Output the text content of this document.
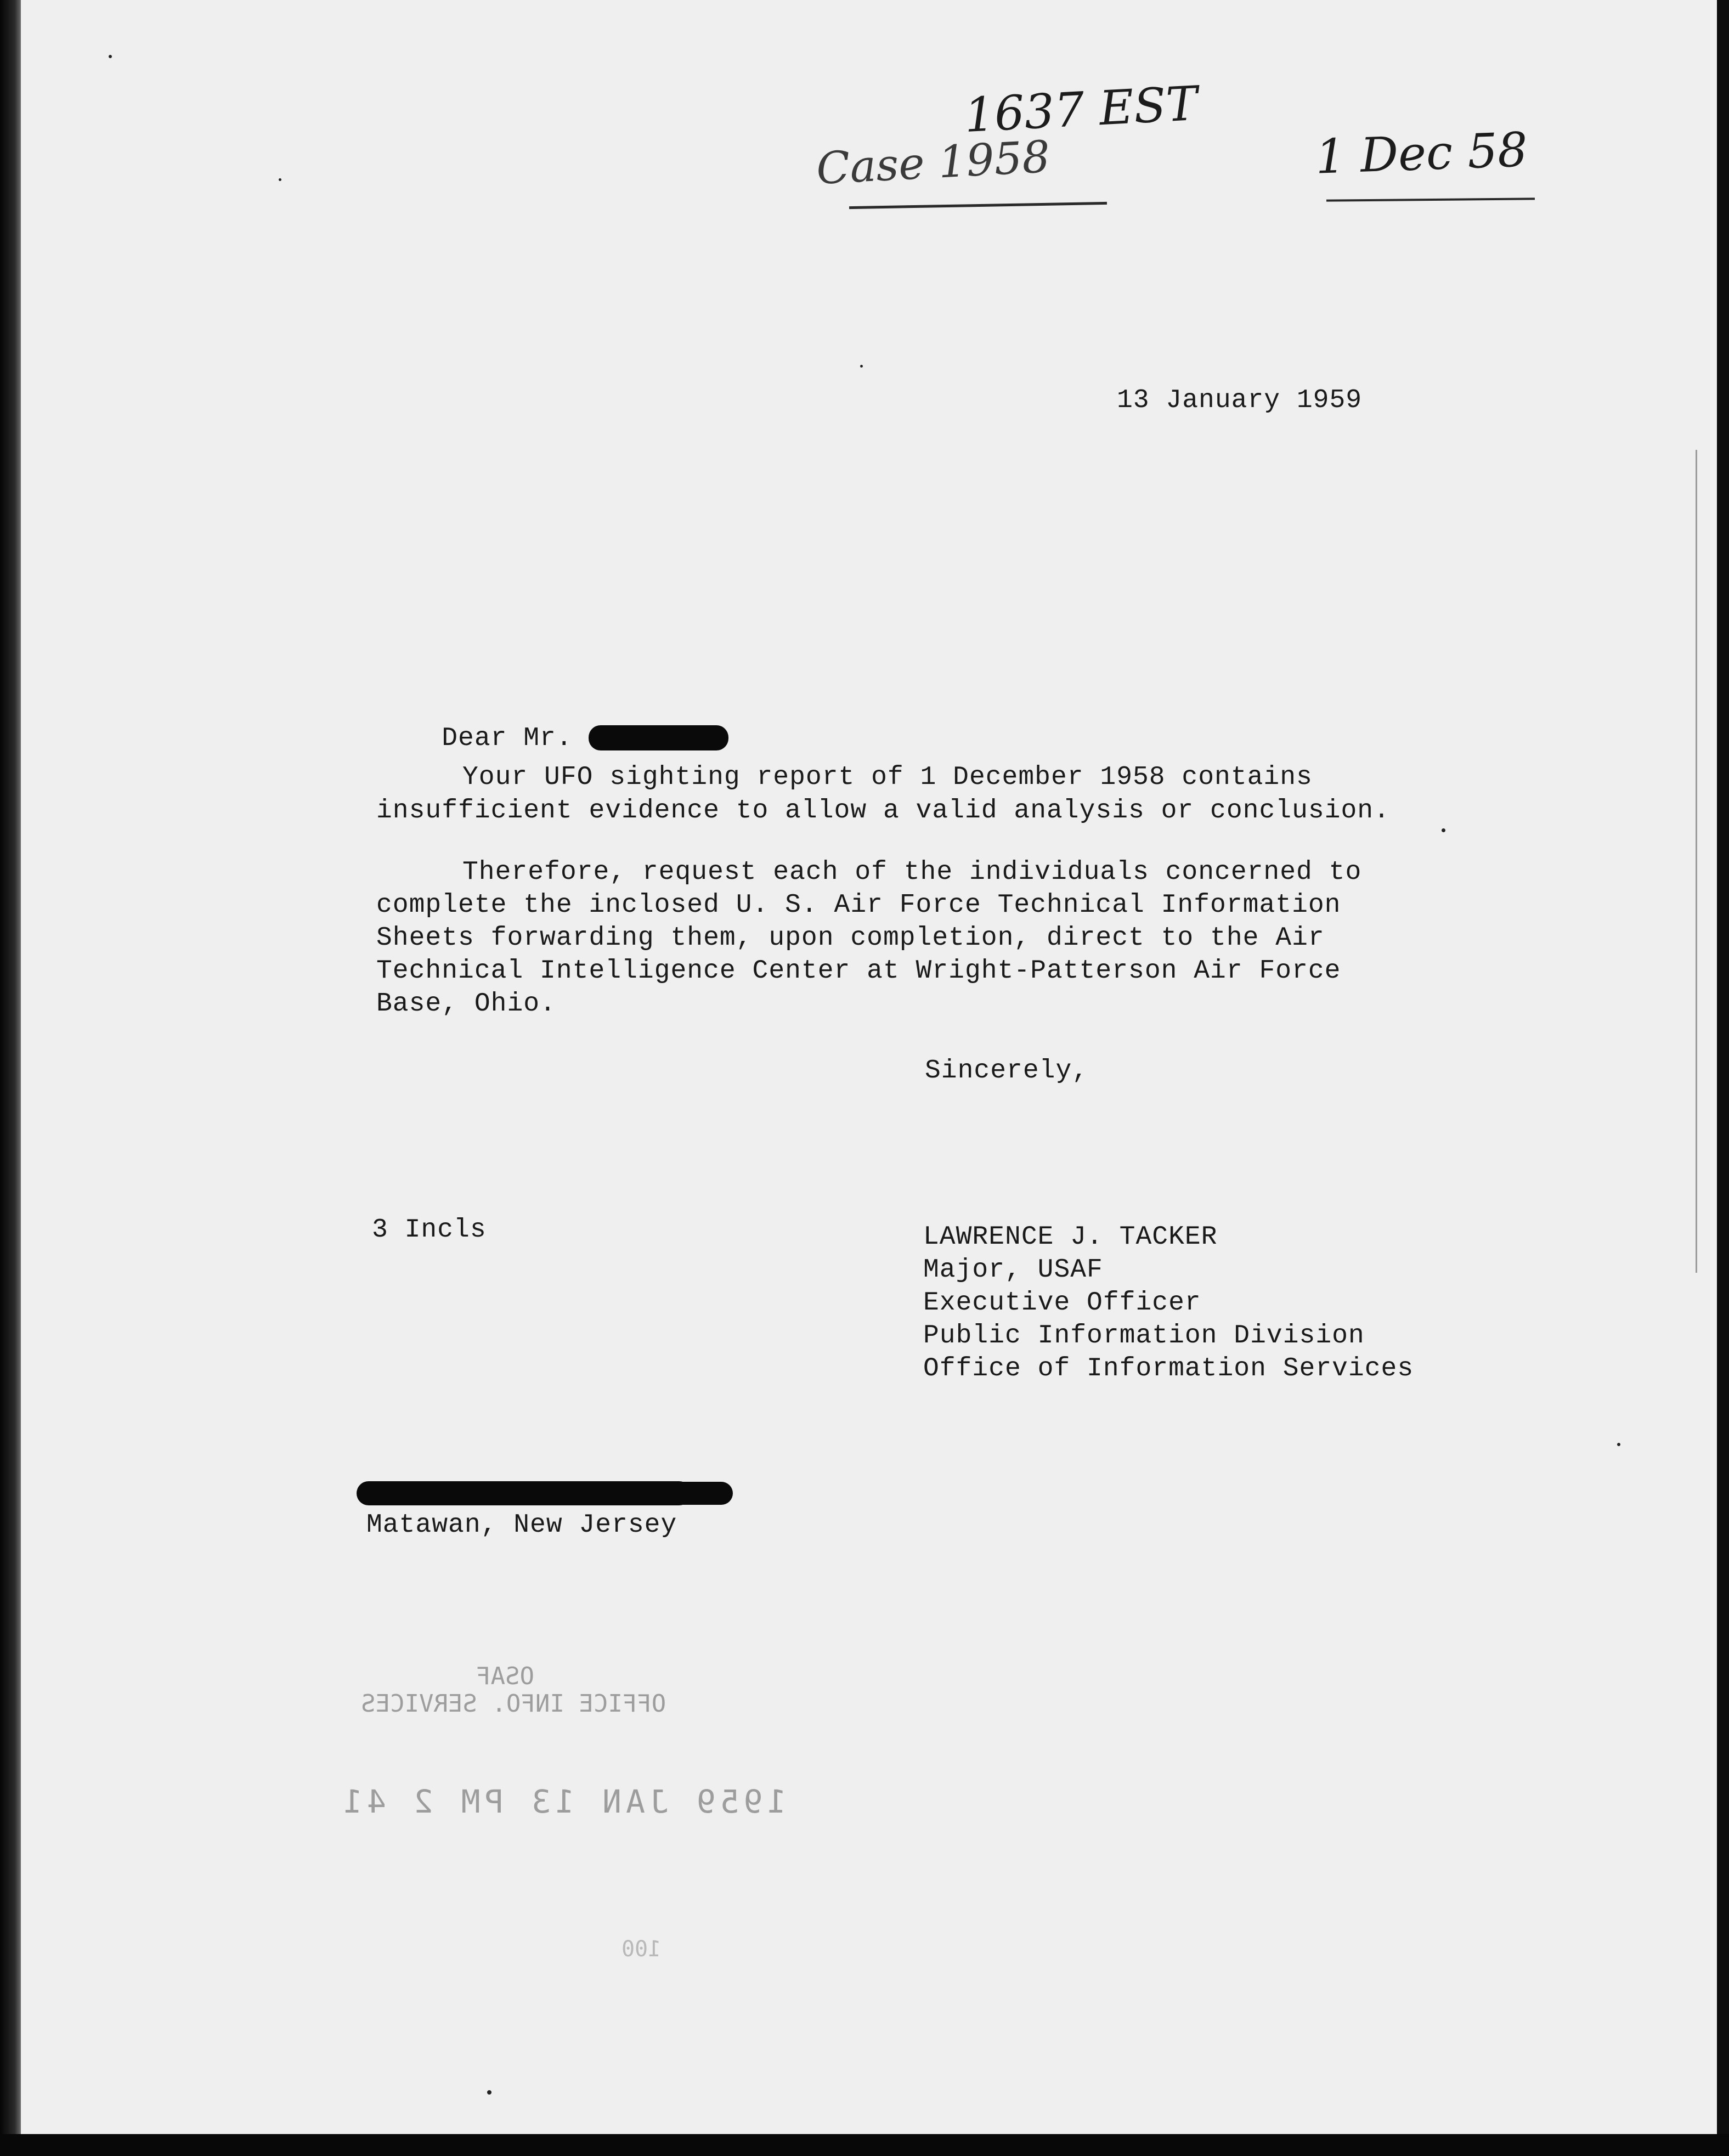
1637 EST
Case 1958	1 Dec 58
13 January 1959

Dear Mr.

Your UFO sighting report of 1 December 1958 contains
insufficient evidence to allow a valid analysis or conclusion.
Therefore, request each of the individuals concerned to
complete the inclosed U. S. Air Force Technical Information
Sheets forwarding them, upon completion, direct to the Air
Technical Intelligence Center at Wright-Patterson Air Force
Base, Ohio.
Sincerely,
3 Incls	LAWRENCE J. TACKER
Major, USAF
Executive Officer
Public Information Division
Office of Information Services

Matawan, New Jersey
OSAF
OFFICE INFO. SERVICES
1959 JAN 13 PM 2 41
100
